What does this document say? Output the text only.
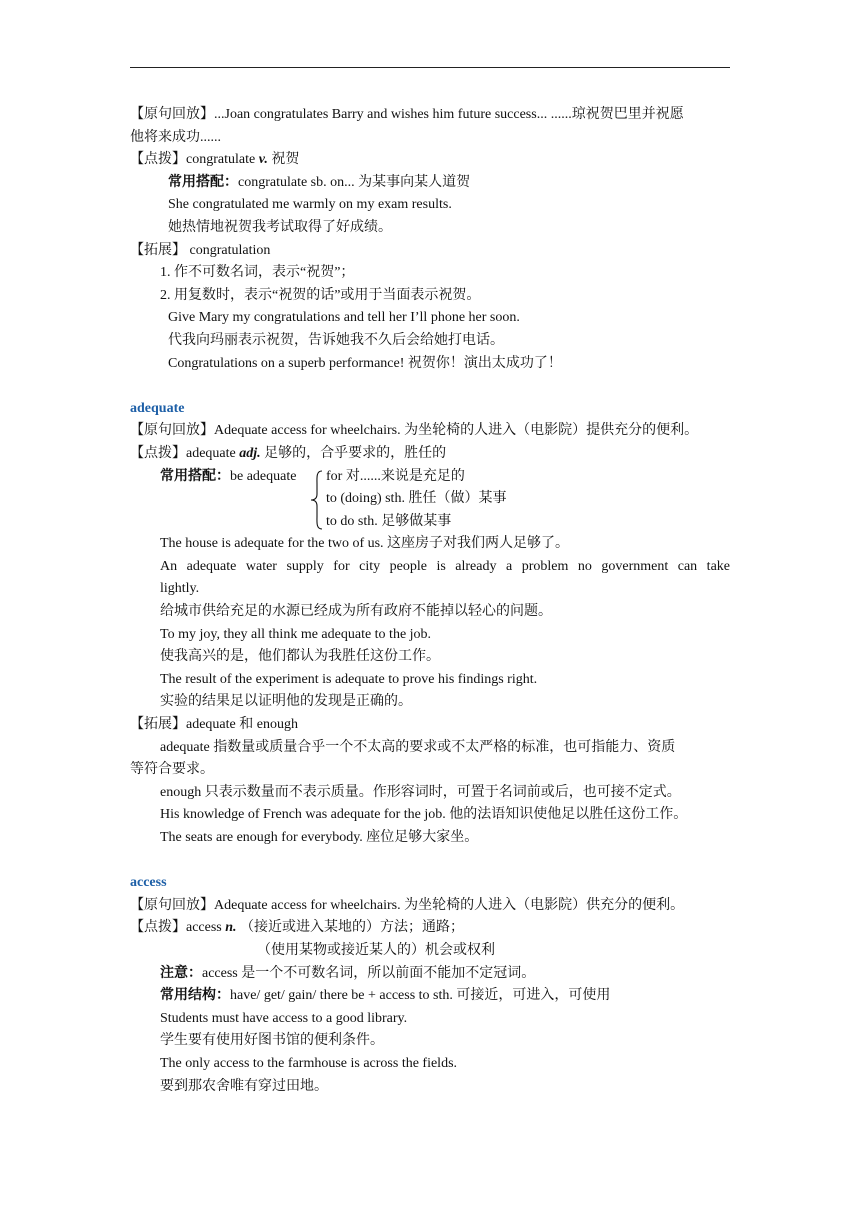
【原句回放】...Joan congratulates Barry and wishes him future success... ......琼祝贺巴里并祝愿
他将来成功......
【点拨】congratulate v. 祝贺
常用搭配：congratulate sb. on... 为某事向某人道贺
She congratulated me warmly on my exam results.
她热情地祝贺我考试取得了好成绩。
【拓展】 congratulation
1. 作不可数名词，表示“祝贺”；
2. 用复数时，表示“祝贺的话”或用于当面表示祝贺。
Give Mary my congratulations and tell her I’ll phone her soon.
代我向玛丽表示祝贺，告诉她我不久后会给她打电话。
Congratulations on a superb performance! 祝贺你！演出太成功了！
adequate
【原句回放】Adequate access for wheelchairs. 为坐轮椅的人进入（电影院）提供充分的便利。
【点拨】adequate adj. 足够的，合乎要求的，胜任的
常用搭配：be adequate for 对......来说是充足的
to (doing) sth. 胜任（做）某事
to do sth. 足够做某事
The house is adequate for the two of us. 这座房子对我们两人足够了。
An adequate water supply for city people is already a problem no government can take
lightly.
给城市供给充足的水源已经成为所有政府不能掉以轻心的问题。
To my joy, they all think me adequate to the job.
使我高兴的是，他们都认为我胜任这份工作。
The result of the experiment is adequate to prove his findings right.
实验的结果足以证明他的发现是正确的。
【拓展】adequate 和 enough
adequate 指数量或质量合乎一个不太高的要求或不太严格的标准，也可指能力、资质
等符合要求。
enough 只表示数量而不表示质量。作形容词时，可置于名词前或后，也可接不定式。
His knowledge of French was adequate for the job. 他的法语知识使他足以胜任这份工作。
The seats are enough for everybody. 座位足够大家坐。
access
【原句回放】Adequate access for wheelchairs. 为坐轮椅的人进入（电影院）供充分的便利。
【点拨】access n. （接近或进入某地的）方法；通路；
（使用某物或接近某人的）机会或权利
注意：access 是一个不可数名词，所以前面不能加不定冠词。
常用结构：have/ get/ gain/ there be + access to sth. 可接近，可进入，可使用
Students must have access to a good library.
学生要有使用好图书馆的便利条件。
The only access to the farmhouse is across the fields.
要到那农舍唯有穿过田地。
